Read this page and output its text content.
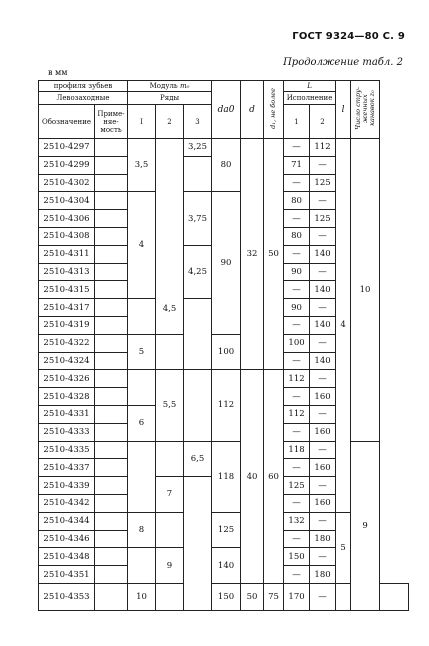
ГОСТ 9324—80 С. 9
Продолжение табл. 2
в мм
профиля зубьев		Модуль m₀			da0	d	d₁, не более	L		l	Число стру-
жечных
канавок z₀	
Левозаходные		Ряды						Исполнение				
Обозначение	Приме-
няе-
мость	I	2	3				1	2			
2510-4297		3,5	4,5	3,25	80	32	50	—	112	4	10	
2510-4299								71	—			
2510-4302								—	125			
2510-4304		4		3,75	90			80	—			
2510-4306								—	125			
2510-4308								80	—			
2510-4311				4,25				—	140			
2510-4313								90	—			
2510-4315								—	140			
2510-4317								90	—			
2510-4319								—	140			
2510-4322		5			100			100	—			
2510-4324								—	140			
2510-4326			5,5		112	40	60	112	—			
2510-4328								—	160			
2510-4331		6						112	—			
2510-4333								—	160			
2510-4335				6,5	118			118	—		9	
2510-4337								—	160			
2510-4339			7					125	—			
2510-4342								—	160			
2510-4344		8			125			132	—	5		
2510-4346								—	180			
2510-4348			9		140			150	—			
2510-4351								—	180			
2510-4353		10			150	50	75	170	—			
